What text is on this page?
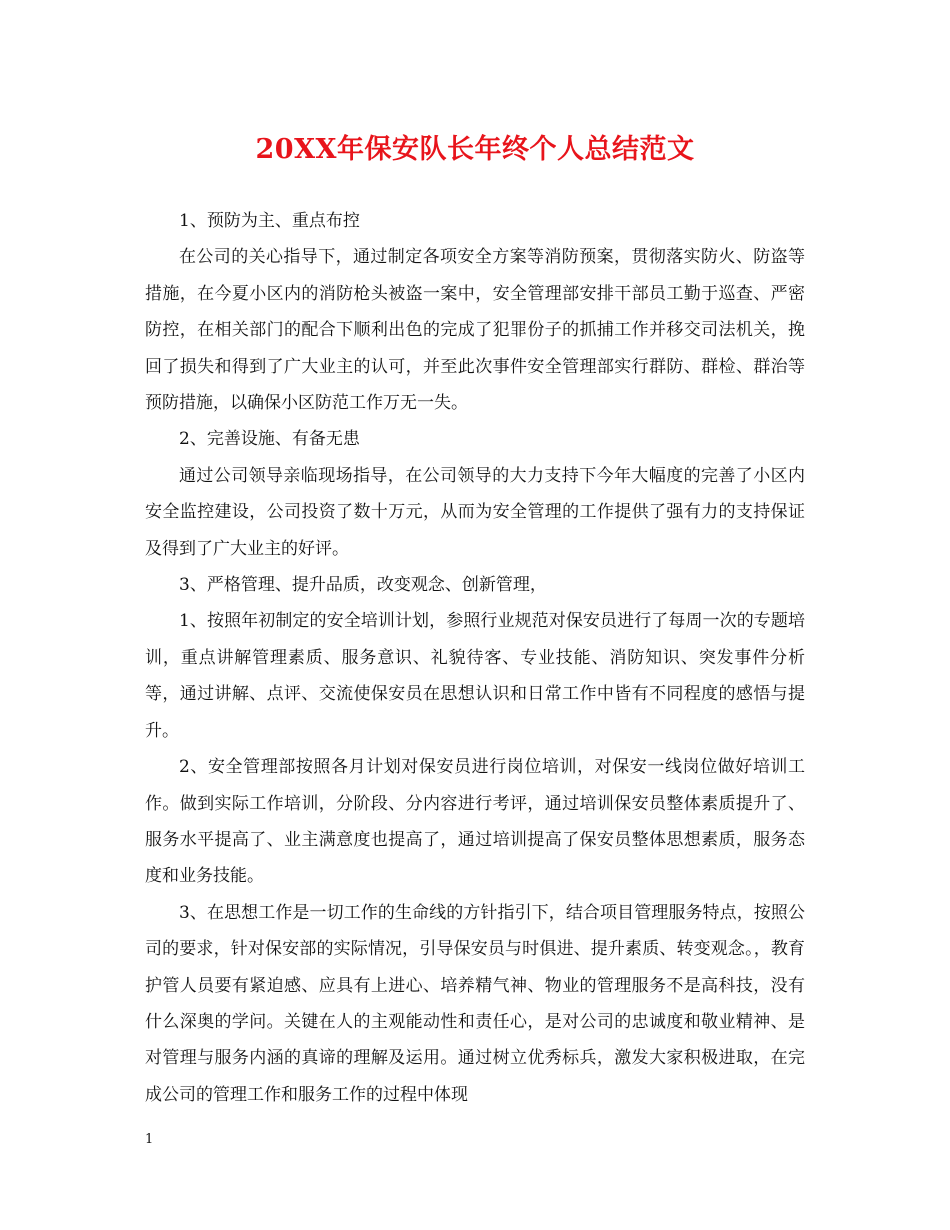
20XX年保安队长年终个人总结范文

1、预防为主、重点布控

在公司的关心指导下，通过制定各项安全方案等消防预案，贯彻落实防火、防盗等措施，在今夏小区内的消防枪头被盗一案中，安全管理部安排干部员工勤于巡查、严密防控，在相关部门的配合下顺利出色的完成了犯罪份子的抓捕工作并移交司法机关，挽回了损失和得到了广大业主的认可，并至此次事件安全管理部实行群防、群检、群治等预防措施，以确保小区防范工作万无一失。

2、完善设施、有备无患

通过公司领导亲临现场指导，在公司领导的大力支持下今年大幅度的完善了小区内安全监控建设，公司投资了数十万元，从而为安全管理的工作提供了强有力的支持保证及得到了广大业主的好评。

3、严格管理、提升品质，改变观念、创新管理，

1、按照年初制定的安全培训计划，参照行业规范对保安员进行了每周一次的专题培训，重点讲解管理素质、服务意识、礼貌待客、专业技能、消防知识、突发事件分析等，通过讲解、点评、交流使保安员在思想认识和日常工作中皆有不同程度的感悟与提升。

2、安全管理部按照各月计划对保安员进行岗位培训，对保安一线岗位做好培训工作。做到实际工作培训，分阶段、分内容进行考评，通过培训保安员整体素质提升了、服务水平提高了、业主满意度也提高了，通过培训提高了保安员整体思想素质，服务态度和业务技能。

3、在思想工作是一切工作的生命线的方针指引下，结合项目管理服务特点，按照公司的要求，针对保安部的实际情况，引导保安员与时俱进、提升素质、转变观念。，教育护管人员要有紧迫感、应具有上进心、培养精气神、物业的管理服务不是高科技，没有什么深奥的学问。关键在人的主观能动性和责任心，是对公司的忠诚度和敬业精神、是对管理与服务内涵的真谛的理解及运用。通过树立优秀标兵，激发大家积极进取，在完成公司的管理工作和服务工作的过程中体现

1
